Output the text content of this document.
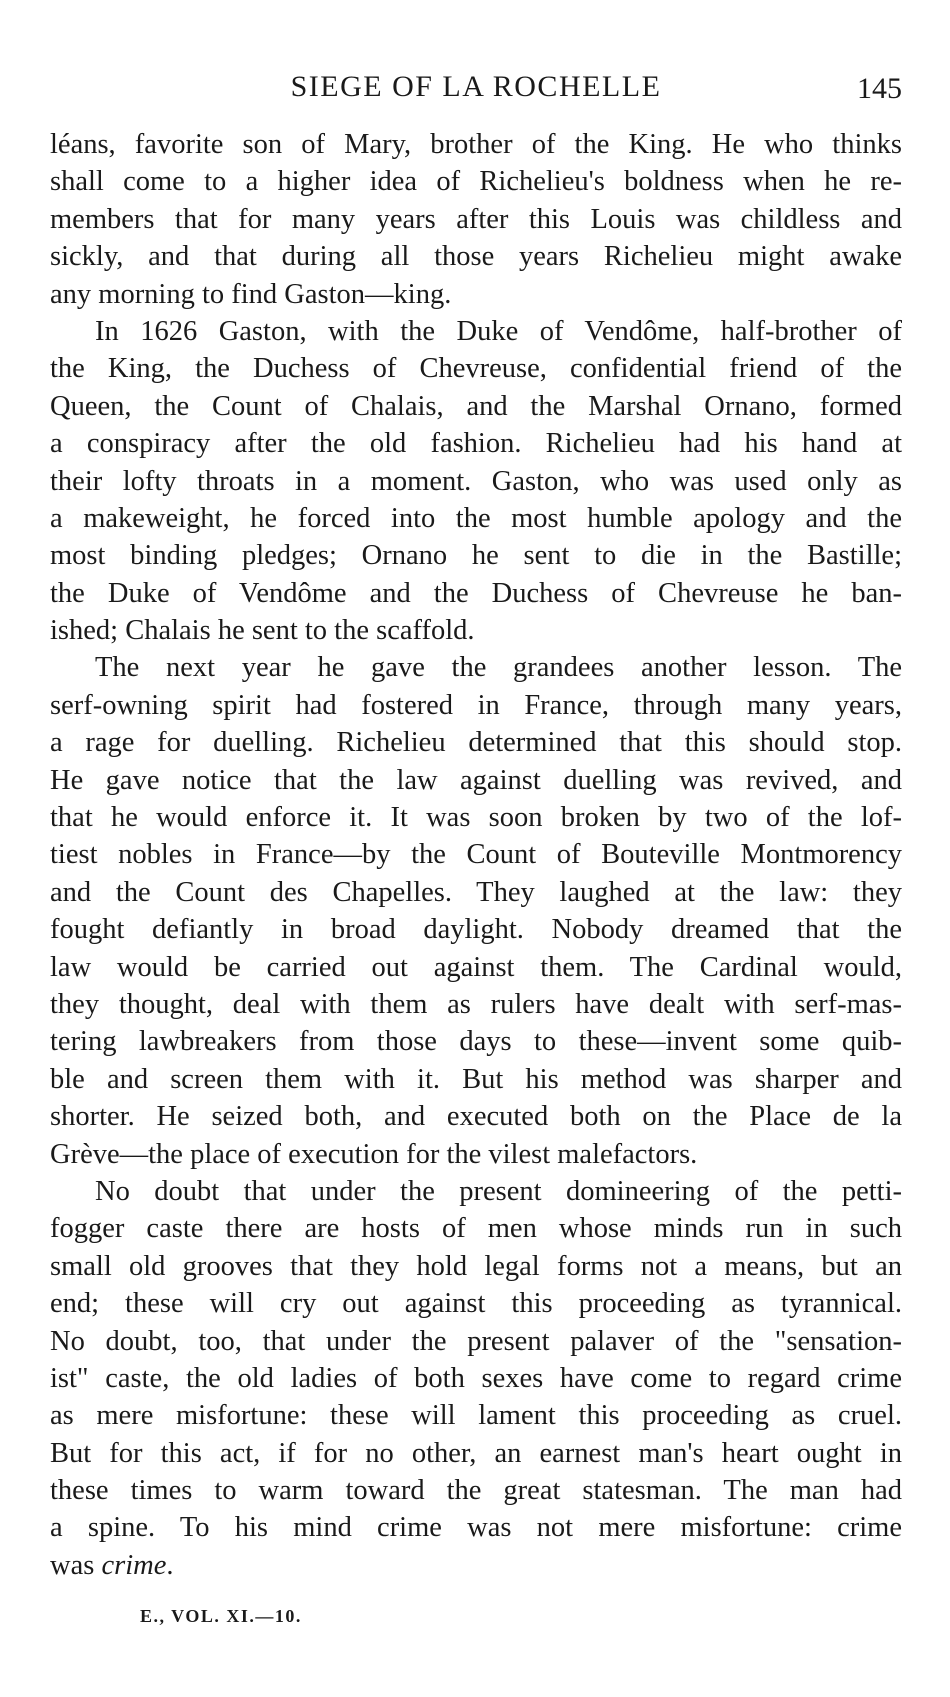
SIEGE OF LA ROCHELLE	145
léans, favorite son of Mary, brother of the King. He who thinks
shall come to a higher idea of Richelieu's boldness when he re-
members that for many years after this Louis was childless and
sickly, and that during all those years Richelieu might awake
any morning to find Gaston—king.
In 1626 Gaston, with the Duke of Vendôme, half-brother of
the King, the Duchess of Chevreuse, confidential friend of the
Queen, the Count of Chalais, and the Marshal Ornano, formed
a conspiracy after the old fashion. Richelieu had his hand at
their lofty throats in a moment. Gaston, who was used only as
a makeweight, he forced into the most humble apology and the
most binding pledges; Ornano he sent to die in the Bastille;
the Duke of Vendôme and the Duchess of Chevreuse he ban-
ished; Chalais he sent to the scaffold.
The next year he gave the grandees another lesson. The
serf-owning spirit had fostered in France, through many years,
a rage for duelling. Richelieu determined that this should stop.
He gave notice that the law against duelling was revived, and
that he would enforce it. It was soon broken by two of the lof-
tiest nobles in France—by the Count of Bouteville Montmorency
and the Count des Chapelles. They laughed at the law: they
fought defiantly in broad daylight. Nobody dreamed that the
law would be carried out against them. The Cardinal would,
they thought, deal with them as rulers have dealt with serf-mas-
tering lawbreakers from those days to these—invent some quib-
ble and screen them with it. But his method was sharper and
shorter. He seized both, and executed both on the Place de la
Grève—the place of execution for the vilest malefactors.
No doubt that under the present domineering of the petti-
fogger caste there are hosts of men whose minds run in such
small old grooves that they hold legal forms not a means, but an
end; these will cry out against this proceeding as tyrannical.
No doubt, too, that under the present palaver of the "sensation-
ist" caste, the old ladies of both sexes have come to regard crime
as mere misfortune: these will lament this proceeding as cruel.
But for this act, if for no other, an earnest man's heart ought in
these times to warm toward the great statesman. The man had
a spine. To his mind crime was not mere misfortune: crime
was crime.
E., VOL. XI.—10.
